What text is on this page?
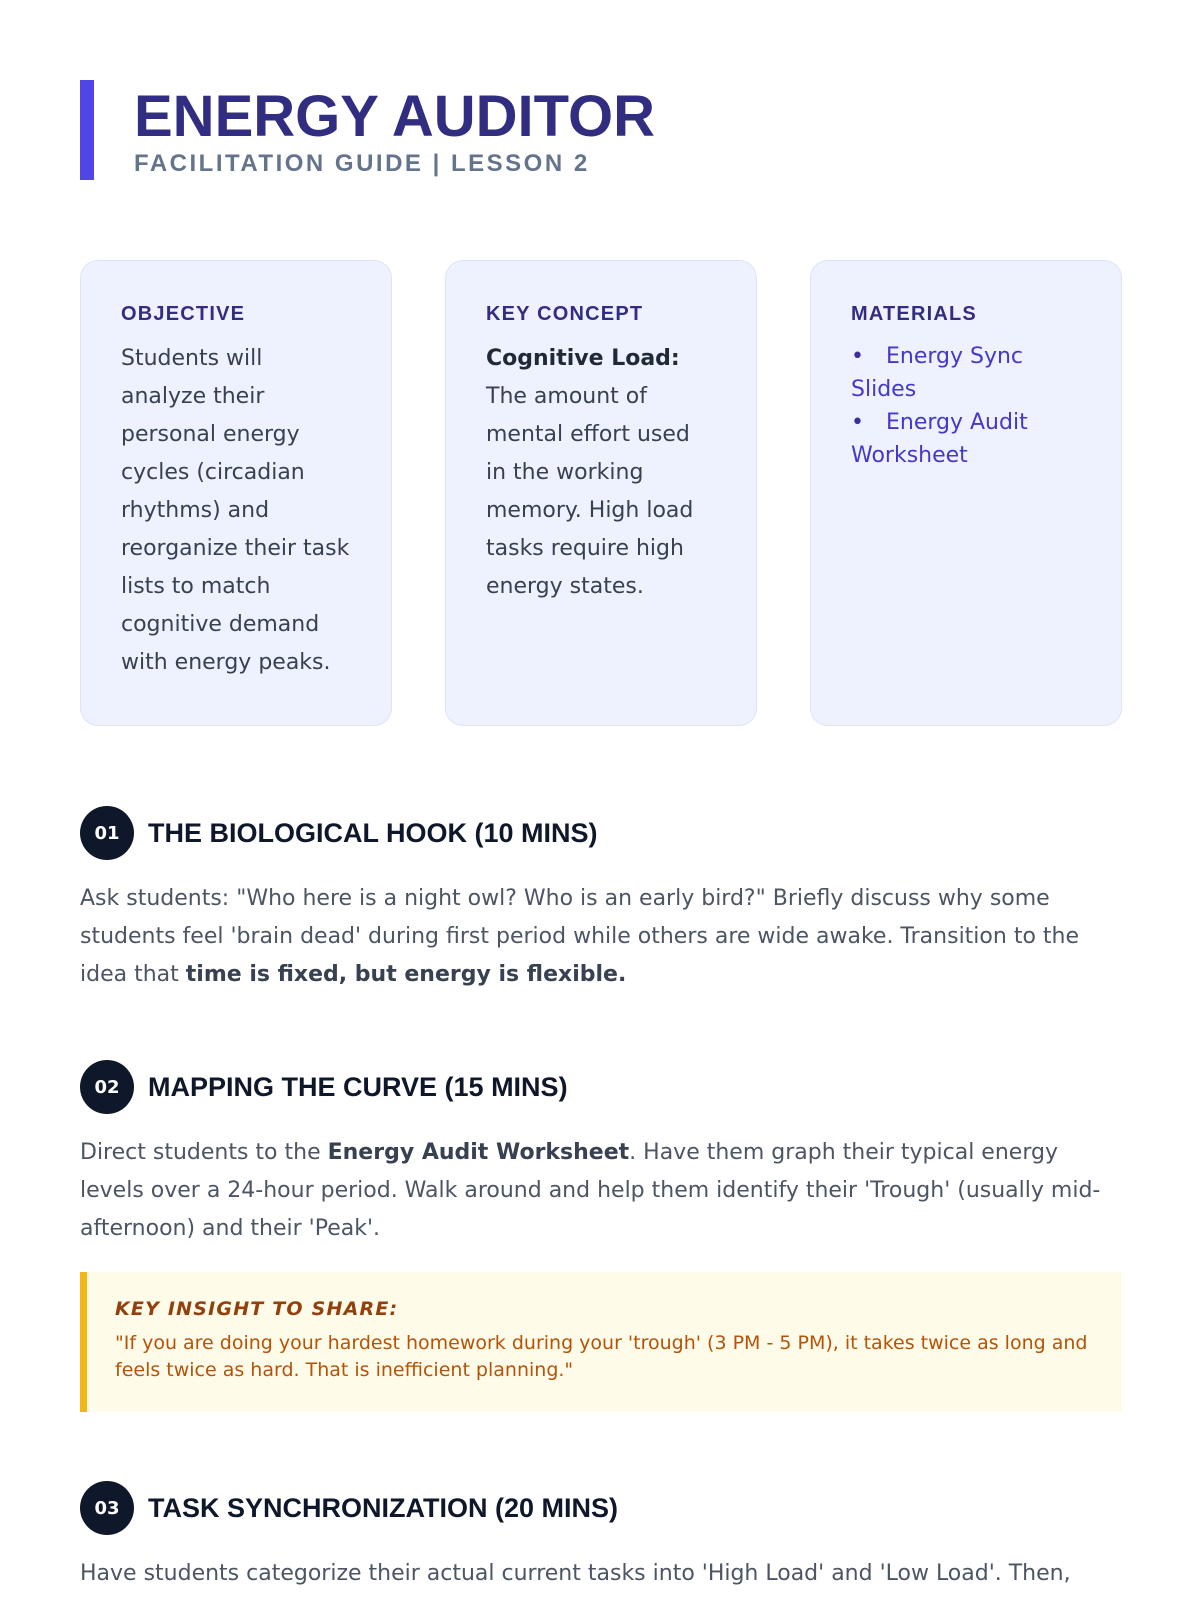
ENERGY AUDITOR
FACILITATION GUIDE | LESSON 2
OBJECTIVE
Students will analyze their personal energy cycles (circadian rhythms) and reorganize their task lists to match cognitive demand with energy peaks.
KEY CONCEPT
Cognitive Load: The amount of mental effort used in the working memory. High load tasks require high energy states.
MATERIALS
• Energy Sync Slides
• Energy Audit Worksheet
01	THE BIOLOGICAL HOOK (10 MINS)
Ask students: "Who here is a night owl? Who is an early bird?" Briefly discuss why some students feel 'brain dead' during first period while others are wide awake. Transition to the idea that time is fixed, but energy is flexible.
02	MAPPING THE CURVE (15 MINS)
Direct students to the Energy Audit Worksheet. Have them graph their typical energy levels over a 24-hour period. Walk around and help them identify their 'Trough' (usually mid-afternoon) and their 'Peak'.
KEY INSIGHT TO SHARE:
"If you are doing your hardest homework during your 'trough' (3 PM - 5 PM), it takes twice as long and feels twice as hard. That is inefficient planning."
03	TASK SYNCHRONIZATION (20 MINS)
Have students categorize their actual current tasks into 'High Load' and 'Low Load'. Then,
